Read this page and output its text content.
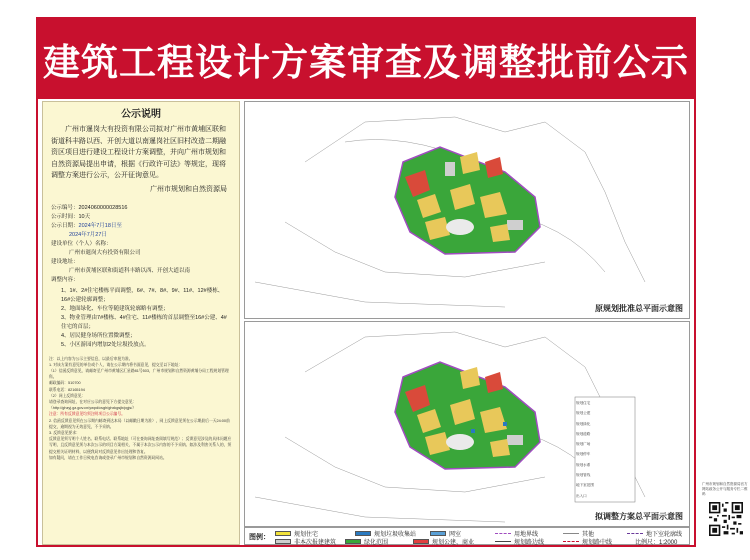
建筑工程设计方案审查及调整批前公示
公示说明
广州市暹岗大有投资有限公司拟对广州市黄埔区联和街道科丰路以西、开创大道以南暹岗社区旧村改造二期融资区项目进行建设工程设计方案调整，并向广州市规划和自然资源局提出申请，根据《行政许可法》等规定，现将调整方案进行公示，公开征询意见。
广州市规划和自然资源局
公示编号：2024060000028516
公示时间：10天
公示日期：2024年7月18日至
2024年7月27日
建设单位（个人）名称：
广州市暹岗大有投资有限公司
建设地址：
广州市黄埔区联和街道科丰路以西、开创大道以南
调整内容：
1、1#、2#住宅楼栋平面调整，6#、7#、8#、9#、11#、12#楼栋、16#公建轮廓调整；
2、地面绿化、车位等随建筑轮廓略有调整；
3、物业管理由7#楼栋、4#住宅、11#楼栋的首层调整至16#公建、4#住宅的首层；
4、居民健身场所位置微调整；
5、小区游园内增加2处垃圾投放点。
注：以上内容为公示主要信息，以最后审批为准。
1. 对该方案有意见的单位或个人，请在公示期内将书面意见，提交至以下地址：
（1）信函反馈意见，请邮寄至广州市黄埔区汇星路81号503，广州市规划和自然资源黄埔分局工程规划管理科。
邮政编码：510700
联系电话：82165194
（2）网上反馈意见：
请登录查询网址，在对应公示的意见下方提交意见：
（http://ghzyj.gz.gov.cn/ywpd/csgh/ghxkgsjb/pgjs/）
注意：所有反馈意见均须注明项目公示编号。
2. 信函反馈意见须在公示期内邮寄到达本局（以邮戳日期为准），网上反馈意见须在公示期最后一天24:00前提交，逾期视为无效意见，不予采纳。
3. 反馈意见要求：
反馈意见须写明个人姓名、联系电话、联系地址（可在查询网址查阅填写规范）；反馈意见涉及的具体问题应写明，且反馈意见须与本次公示的项目方案相关，不属于本次公示内容的不予采纳。如涉及利害关系人的，须提交相关证明材料，以便我局对反馈意见作出处理和答复。
如有疑问，请在工作日致电咨询或登录广州市规划和自然资源局网站。
原规划批准总平面示意图
规划住宅
规划公建
规划绿化
规划道路
规划广场
规划停车
规划水系
规划管线
地下室范围
出入口
拟调整方案总平面示意图
图例：	规划住宅
非本次报建建筑	绿化范围
规划垃圾收集站
规划公建、商业
网室	用地界线
规划路边线	规划路中线
其他	地下室轮廓线
比例尺：1:2000
广州市规划和自然资源局官方网站政务公开与服务专栏二维码
